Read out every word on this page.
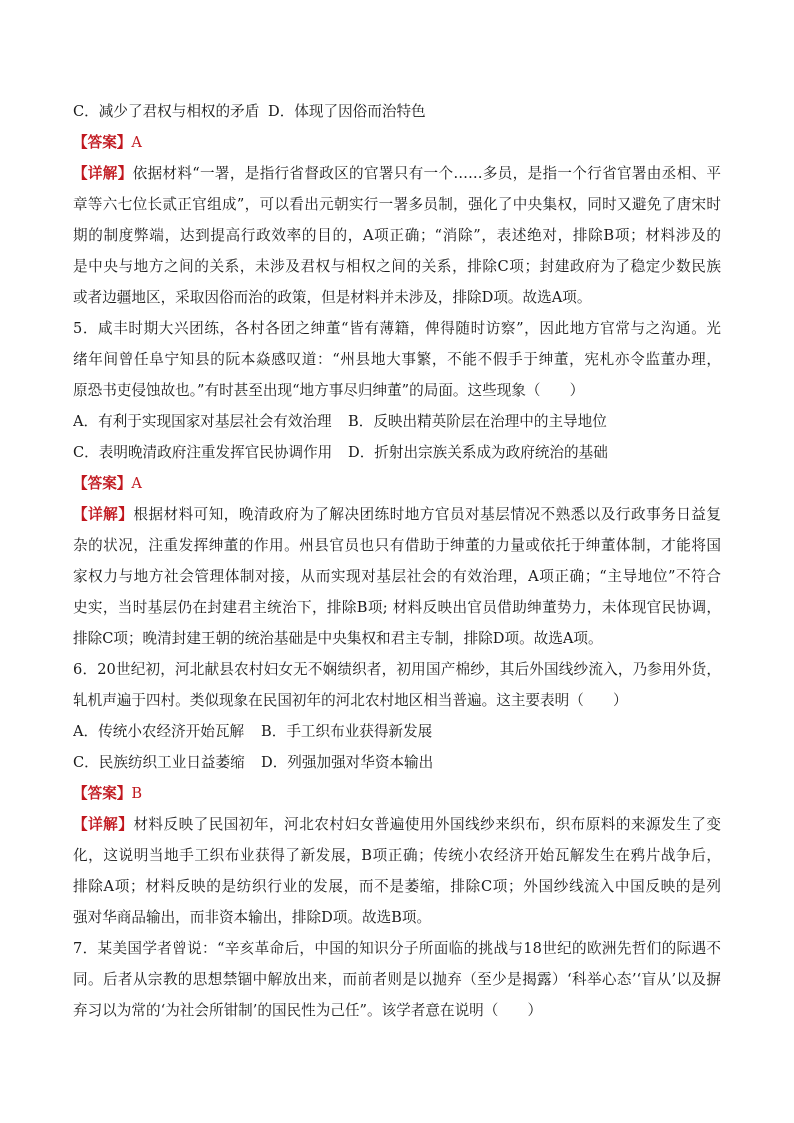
C．减少了君权与相权的矛盾 D．体现了因俗而治特色
【答案】A
【详解】依据材料“一署，是指行省督政区的官署只有一个……多员，是指一个行省官署由丞相、平
章等六七位长贰正官组成”，可以看出元朝实行一署多员制，强化了中央集权，同时又避免了唐宋时
期的制度弊端，达到提高行政效率的目的，A项正确；“消除”，表述绝对，排除B项；材料涉及的
是中央与地方之间的关系，未涉及君权与相权之间的关系，排除C项；封建政府为了稳定少数民族
或者边疆地区，采取因俗而治的政策，但是材料并未涉及，排除D项。故选A项。
5．咸丰时期大兴团练，各村各团之绅董“皆有薄籍，俾得随时访察”，因此地方官常与之沟通。光
绪年间曾任阜宁知县的阮本焱感叹道：“州县地大事繁，不能不假手于绅董，宪札亦令监董办理，
原恐书吏侵蚀故也。”有时甚至出现“地方事尽归绅董”的局面。这些现象（　　）
A．有利于实现国家对基层社会有效治理	B．反映出精英阶层在治理中的主导地位
C．表明晚清政府注重发挥官民协调作用	D．折射出宗族关系成为政府统治的基础
【答案】A
【详解】根据材料可知，晚清政府为了解决团练时地方官员对基层情况不熟悉以及行政事务日益复
杂的状况，注重发挥绅董的作用。州县官员也只有借助于绅董的力量或依托于绅董体制，才能将国
家权力与地方社会管理体制对接，从而实现对基层社会的有效治理，A项正确；“主导地位”不符合
史实，当时基层仍在封建君主统治下，排除B项; 材料反映出官员借助绅董势力，未体现官民协调，
排除C项；晚清封建王朝的统治基础是中央集权和君主专制，排除D项。故选A项。
6．20世纪初，河北献县农村妇女无不娴绩织者，初用国产棉纱，其后外国线纱流入，乃参用外货，
轧机声遍于四村。类似现象在民国初年的河北农村地区相当普遍。这主要表明（　　）
A．传统小农经济开始瓦解	B．手工织布业获得新发展
C．民族纺织工业日益萎缩	D．列强加强对华资本输出
【答案】B
【详解】材料反映了民国初年，河北农村妇女普遍使用外国线纱来织布，织布原料的来源发生了变
化，这说明当地手工织布业获得了新发展，B项正确；传统小农经济开始瓦解发生在鸦片战争后，
排除A项；材料反映的是纺织行业的发展，而不是萎缩，排除C项；外国纱线流入中国反映的是列
强对华商品输出，而非资本输出，排除D项。故选B项。
7．某美国学者曾说：“辛亥革命后，中国的知识分子所面临的挑战与18世纪的欧洲先哲们的际遇不
同。后者从宗教的思想禁锢中解放出来，而前者则是以抛弃（至少是揭露）‘科举心态’‘盲从’以及摒
弃习以为常的‘为社会所钳制’的国民性为己任”。该学者意在说明（　　）
